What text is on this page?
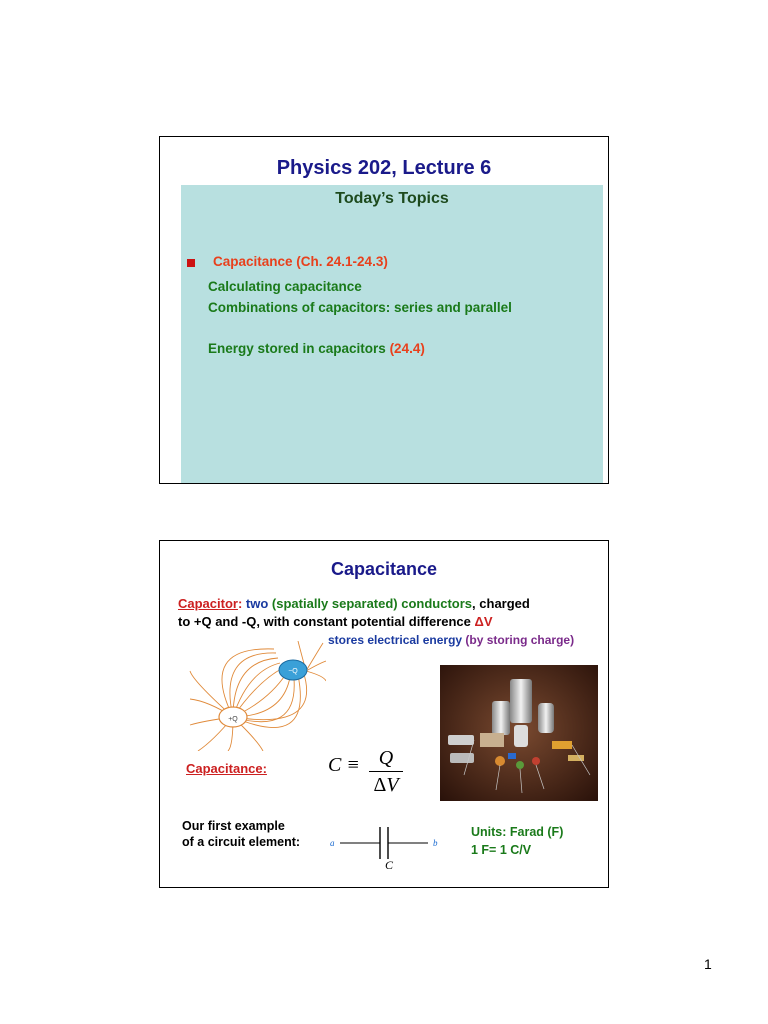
Physics 202, Lecture 6
Today’s Topics
Capacitance (Ch. 24.1-24.3)
Calculating capacitance
Combinations of capacitors: series and parallel
Energy stored in capacitors (24.4)
Capacitance
Capacitor: two (spatially separated) conductors, charged
to +Q and -Q, with constant potential difference ΔV
stores electrical energy (by storing charge)
+Q
−Q
Capacitance:	C ≡ Q
ΔV
Our first example
of a circuit element:	a	b
C
Units: Farad (F)
1 F= 1 C/V
1
